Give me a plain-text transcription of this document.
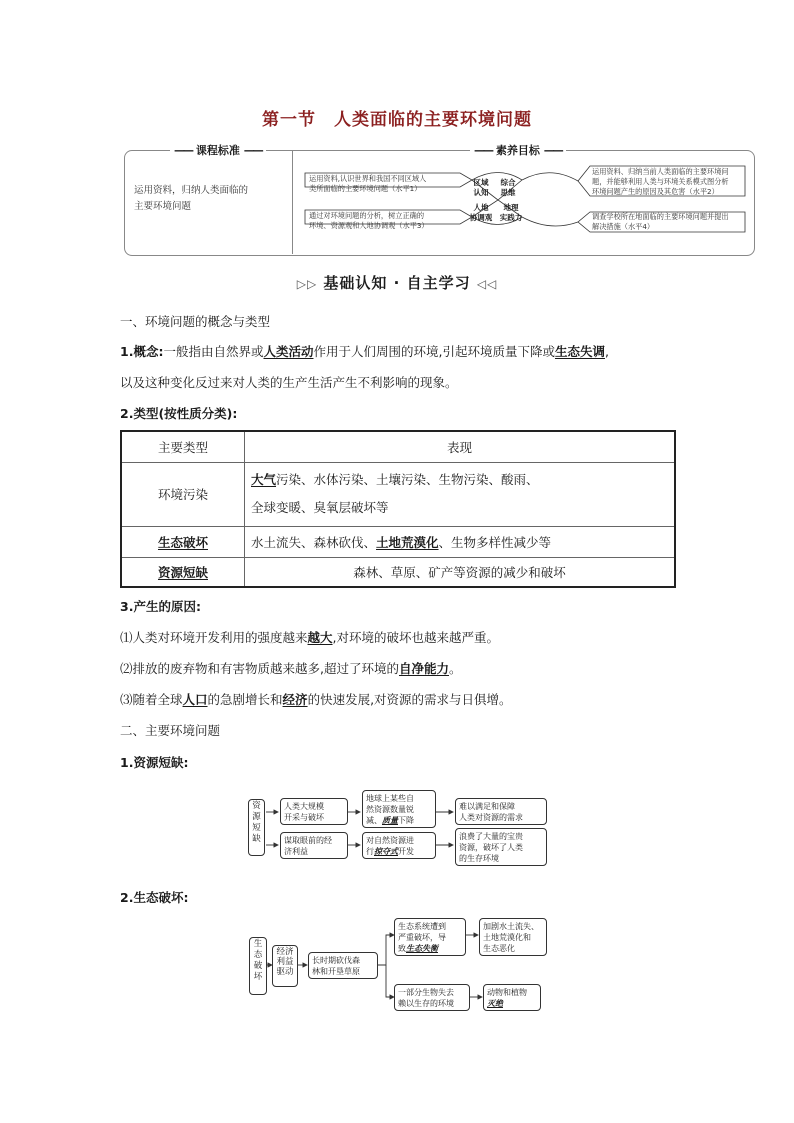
第一节　人类面临的主要环境问题
—— 课程标准 ——	—— 素养目标 ——
运用资料，归纳人类面临的
主要环境问题
运用资料,认识世界和我国不同区域人
类所面临的主要环境问题（水平1）
通过对环境问题的分析，树立正确的
环境、资源观和人地协调观（水平3）
区域
认知
综合
思维
人地
协调观
地理
实践力
运用资料、归纳当前人类面临的主要环境问
题，并能够利用人类与环境关系模式图分析
环境问题产生的原因及其危害（水平2）
调查学校所在地面临的主要环境问题并提出
解决措施（水平4）
▷▷ 基础认知 · 自主学习 ◁◁
一、环境问题的概念与类型
1.概念:一般指由自然界或人类活动作用于人们周围的环境,引起环境质量下降或生态失调,
以及这种变化反过来对人类的生产生活产生不利影响的现象。
2.类型(按性质分类):
主要类型	表现
环境污染	大气污染、水体污染、土壤污染、生物污染、酸雨、
全球变暖、臭氧层破坏等
生态破坏	水土流失、森林砍伐、土地荒漠化、生物多样性减少等
资源短缺	森林、草原、矿产等资源的减少和破坏
3.产生的原因:
⑴人类对环境开发利用的强度越来越大,对环境的破坏也越来越严重。
⑵排放的废弃物和有害物质越来越多,超过了环境的自净能力。
⑶随着全球人口的急剧增长和经济的快速发展,对资源的需求与日俱增。
二、主要环境问题
1.资源短缺:
资
源
短
缺
人类大规模
开采与破坏
地球上某些自
然资源数量锐
减、质量下降
难以满足和保障
人类对资源的需求
谋取眼前的经
济利益
对自然资源进
行掠夺式开发
浪费了大量的宝贵
资源，破坏了人类
的生存环境
2.生态破坏:
生
态
破
坏
经济
利益
驱动
长时期砍伐森
林和开垦草原
生态系统遭到
严重破坏，导
致生态失衡
加剧水土流失、
土地荒漠化和
生态恶化
一部分生物失去
赖以生存的环境
动物和植物
灭绝
